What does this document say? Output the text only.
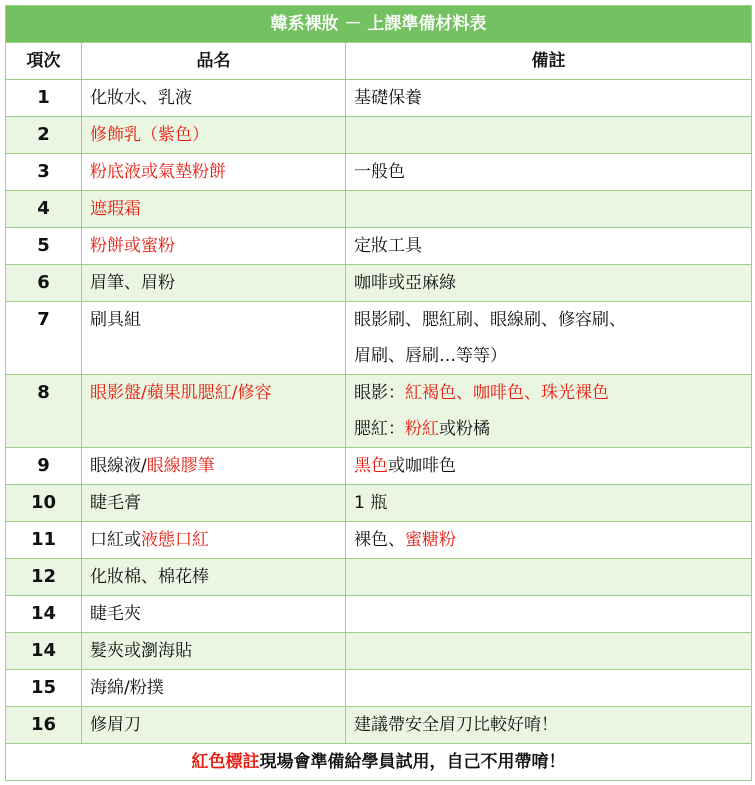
韓系裸妝 － 上課準備材料表		
項次	品名	備註
1	化妝水、乳液	基礎保養

2	修飾乳（紫色）	
3	粉底液或氣墊粉餅	一般色

4	遮瑕霜	
5	粉餅或蜜粉	定妝工具

6	眉筆、眉粉	咖啡或亞麻綠

7	刷具組	眼影刷、腮紅刷、眼線刷、修容刷、
眉刷、唇刷…等等）

8	眼影盤/蘋果肌腮紅/修容	眼影：紅褐色、咖啡色、珠光裸色
腮紅：粉紅或粉橘

9	眼線液/眼線膠筆	黑色或咖啡色

10	睫毛膏	1 瓶

11	口紅或液態口紅	裸色、蜜糖粉

12	化妝棉、棉花棒	
14	睫毛夾	
14	髮夾或瀏海貼	
15	海綿/粉撲	
16	修眉刀	建議帶安全眉刀比較好唷！

紅色標註現場會準備給學員試用，自己不用帶唷！		
